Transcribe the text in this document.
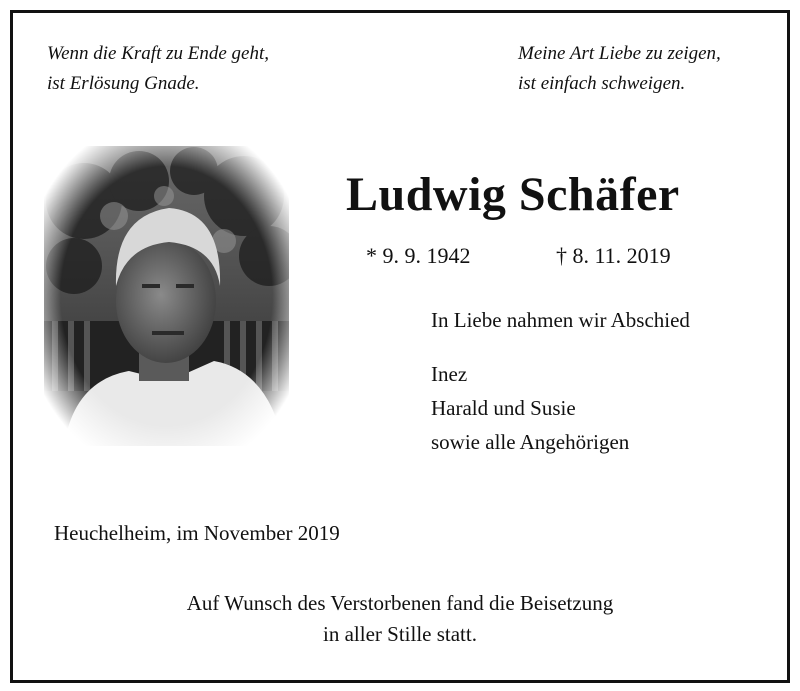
Wenn die Kraft zu Ende geht,
ist Erlösung Gnade.
Meine Art Liebe zu zeigen,
ist einfach schweigen.
Ludwig Schäfer
* 9. 9. 1942	† 8. 11. 2019
In Liebe nahmen wir Abschied
Inez
Harald und Susie
sowie alle Angehörigen
Heuchelheim, im November 2019
Auf Wunsch des Verstorbenen fand die Beisetzung
in aller Stille statt.
